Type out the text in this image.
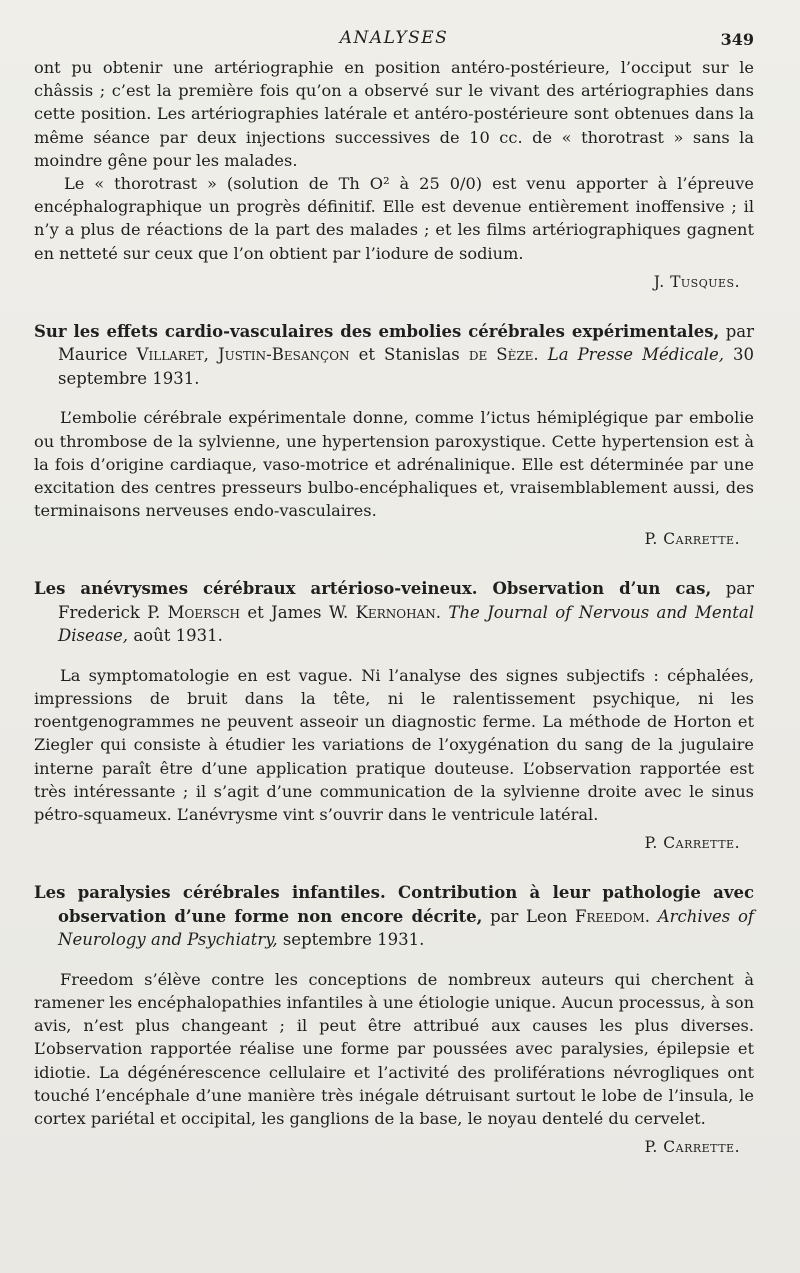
ANALYSES	349

ont pu obtenir une artériographie en position antéro-postérieure, l’occiput sur le châssis ; c’est la première fois qu’on a observé sur le vivant des artériographies dans cette position. Les artériographies latérale et antéro-postérieure sont obtenues dans la même séance par deux injections successives de 10 cc. de « thorotrast » sans la moindre gêne pour les malades.

Le « thorotrast » (solution de Th O² à 25 0/0) est venu apporter à l’épreuve encéphalographique un progrès définitif. Elle est devenue entièrement inoffensive ; il n’y a plus de réactions de la part des malades ; et les films artériographiques gagnent en netteté sur ceux que l’on obtient par l’iodure de sodium.

J. Tusques.

Sur les effets cardio-vasculaires des embolies cérébrales expérimentales, par Maurice Villaret, Justin-Besançon et Stanislas de Sèze. La Presse Médicale, 30 septembre 1931.

L’embolie cérébrale expérimentale donne, comme l’ictus hémiplégique par embolie ou thrombose de la sylvienne, une hypertension paroxystique. Cette hypertension est à la fois d’origine cardiaque, vaso-motrice et adrénalinique. Elle est déterminée par une excitation des centres presseurs bulbo-encéphaliques et, vraisemblablement aussi, des terminaisons nerveuses endo-vasculaires.

P. Carrette.

Les anévrysmes cérébraux artérioso-veineux. Observation d’un cas, par Frederick P. Moersch et James W. Kernohan. The Journal of Nervous and Mental Disease, août 1931.

La symptomatologie en est vague. Ni l’analyse des signes subjectifs : céphalées, impressions de bruit dans la tête, ni le ralentissement psychique, ni les roentgenogrammes ne peuvent asseoir un diagnostic ferme. La méthode de Horton et Ziegler qui consiste à étudier les variations de l’oxygénation du sang de la jugulaire interne paraît être d’une application pratique douteuse. L’observation rapportée est très intéressante ; il s’agit d’une communication de la sylvienne droite avec le sinus pétro-squameux. L’anévrysme vint s’ouvrir dans le ventricule latéral.

P. Carrette.

Les paralysies cérébrales infantiles. Contribution à leur pathologie avec observation d’une forme non encore décrite, par Leon Freedom. Archives of Neurology and Psychiatry, septembre 1931.

Freedom s’élève contre les conceptions de nombreux auteurs qui cherchent à ramener les encéphalopathies infantiles à une étiologie unique. Aucun processus, à son avis, n’est plus changeant ; il peut être attribué aux causes les plus diverses. L’observation rapportée réalise une forme par poussées avec paralysies, épilepsie et idiotie. La dégénérescence cellulaire et l’activité des proliférations névrogliques ont touché l’encéphale d’une manière très inégale détruisant surtout le lobe de l’insula, le cortex pariétal et occipital, les ganglions de la base, le noyau dentelé du cervelet.

P. Carrette.
